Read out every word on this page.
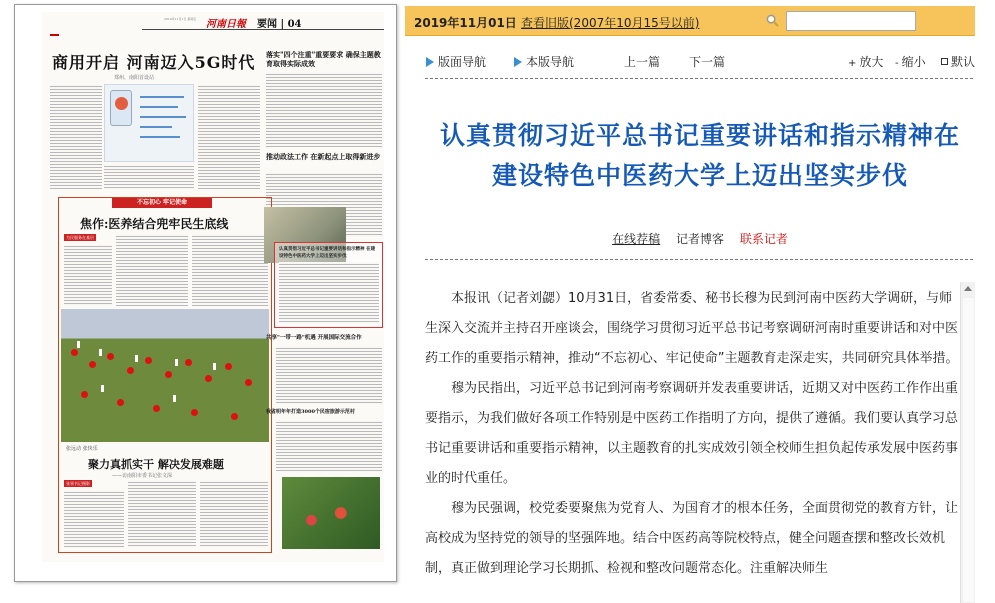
2019年11月1日 星期五 河南日報 要闻 | 04
商用开启 河南迈入5G时代
郑州、南阳首设站
落实"四个注重"重要要求 确保主题教育取得实际成效
推动政法工作 在新起点上取得新进步
不忘初心 牢记使命
焦作:医养结合兜牢民生底线
为民服务在基层
张远动 张快乐
聚力真抓实干 解决发展难题
——访南阳市委书记张文深
张领书记摄影
认真贯彻习近平总书记重要讲话和指示精神 在建设特色中医药大学上迈出坚实步伐
共享"一带一路"机遇 开展国际交流合作
我省明年年打造3000个民宿旅游示范村
2019年11月01日 查看旧版(2007年10月15号以前)
版面导航	本版导航	上一篇 下一篇	+ 放大 - 缩小	默认
认真贯彻习近平总书记重要讲话和指示精神在
建设特色中医药大学上迈出坚实步伐
在线荐稿 记者博客 联系记者

本报讯（记者刘勰）10月31日，省委常委、秘书长穆为民到河南中医药大学调研，与师生深入交流并主持召开座谈会，围绕学习贯彻习近平总书记考察调研河南时重要讲话和对中医药工作的重要指示精神，推动“不忘初心、牢记使命”主题教育走深走实，共同研究具体举措。

穆为民指出，习近平总书记到河南考察调研并发表重要讲话，近期又对中医药工作作出重要指示，为我们做好各项工作特别是中医药工作指明了方向，提供了遵循。我们要认真学习总书记重要讲话和重要指示精神，以主题教育的扎实成效引领全校师生担负起传承发展中医药事业的时代重任。

穆为民强调，校党委要聚焦为党育人、为国育才的根本任务，全面贯彻党的教育方针，让高校成为坚持党的领导的坚强阵地。结合中医药高等院校特点，健全问题查摆和整改长效机制，真正做到理论学习长期抓、检视和整改问题常态化。注重解决师生
